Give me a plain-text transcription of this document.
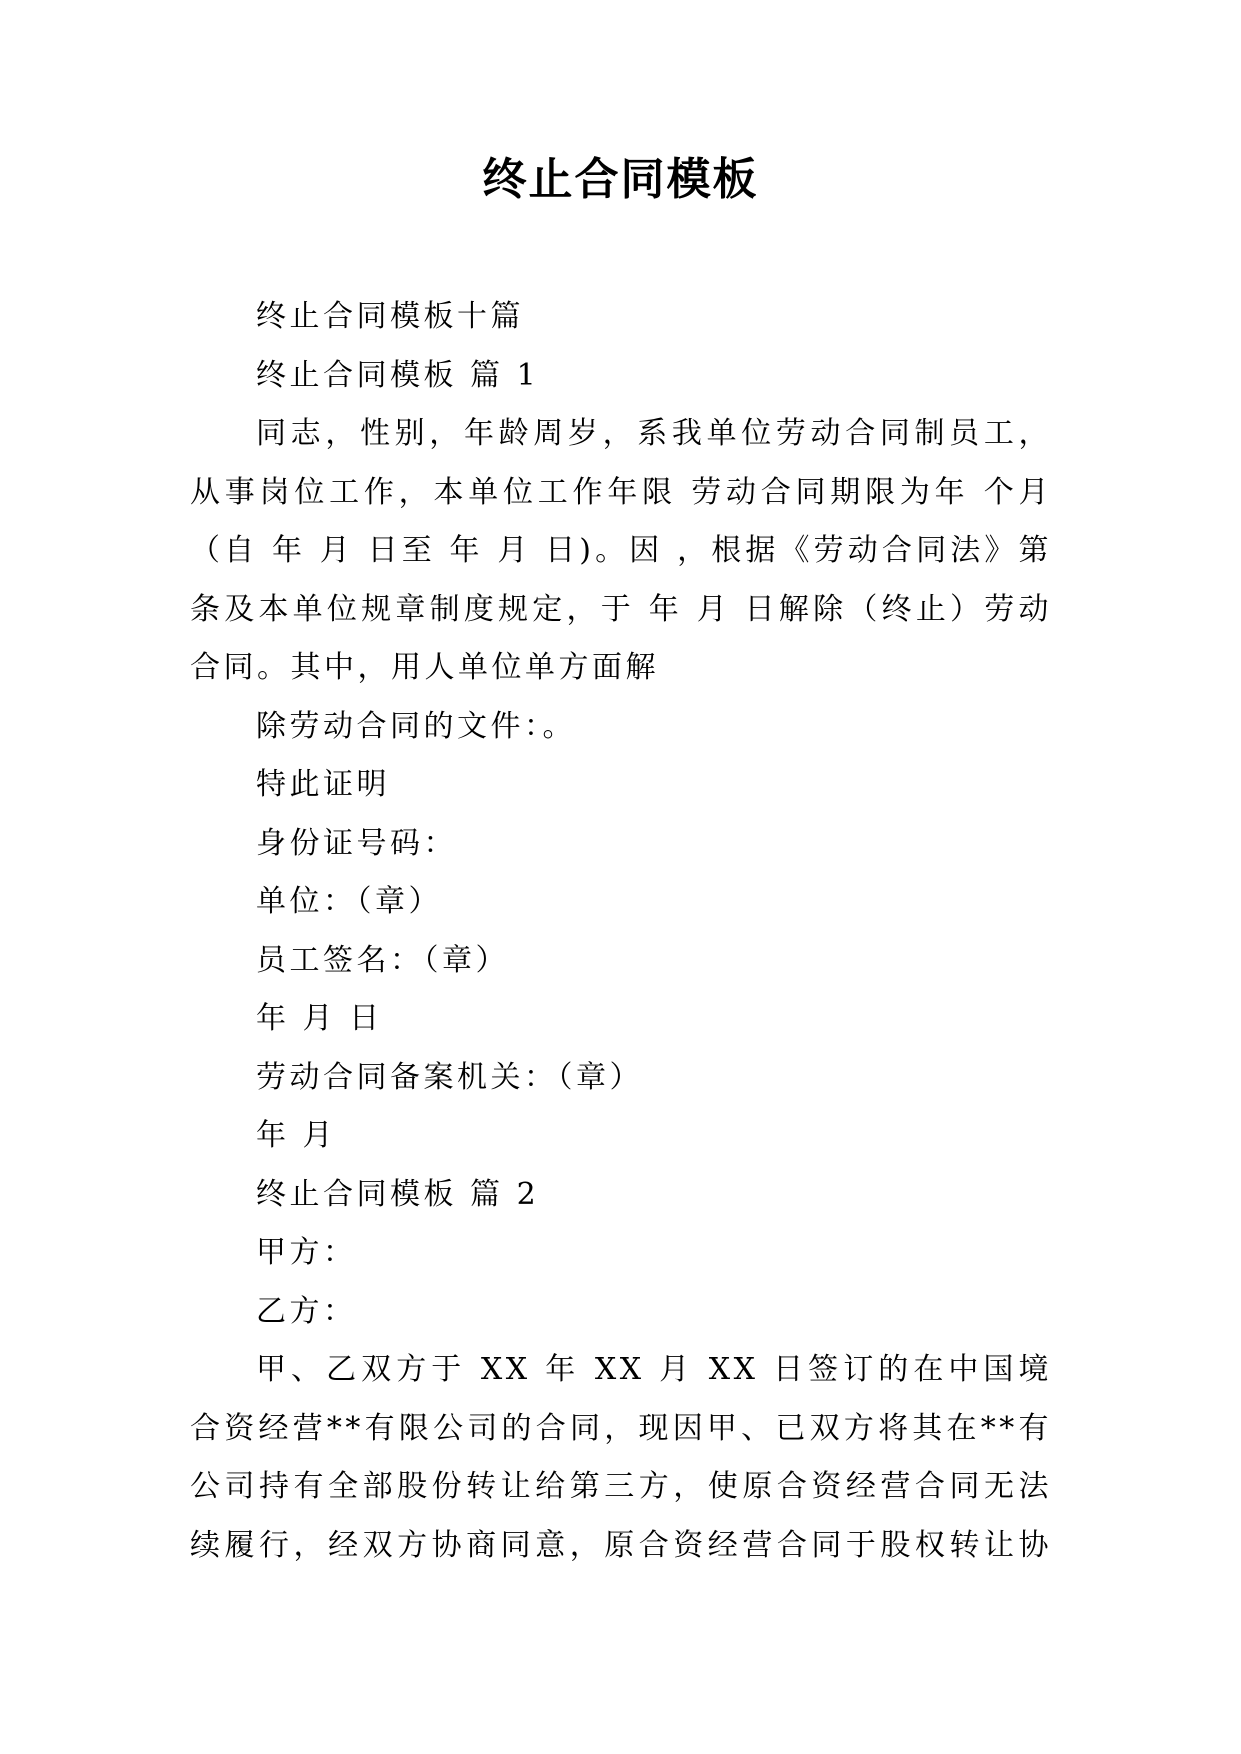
终止合同模板
终止合同模板十篇
终止合同模板 篇 1
同志，性别，年龄周岁，系我单位劳动合同制员工，
从事岗位工作，本单位工作年限 劳动合同期限为年 个月
（自 年 月 日至 年 月 日)。因 ，根据《劳动合同法》第
条及本单位规章制度规定，于 年 月 日解除（终止）劳动
合同。其中，用人单位单方面解
除劳动合同的文件：。
特此证明
身份证号码：
单位：（章）
员工签名：（章）
年 月 日
劳动合同备案机关：（章）
年 月
终止合同模板 篇 2
甲方：
乙方：
甲、乙双方于 XX 年 XX 月 XX 日签订的在中国境
合资经营**有限公司的合同，现因甲、已双方将其在**有
公司持有全部股份转让给第三方，使原合资经营合同无法
续履行，经双方协商同意，原合资经营合同于股权转让协
